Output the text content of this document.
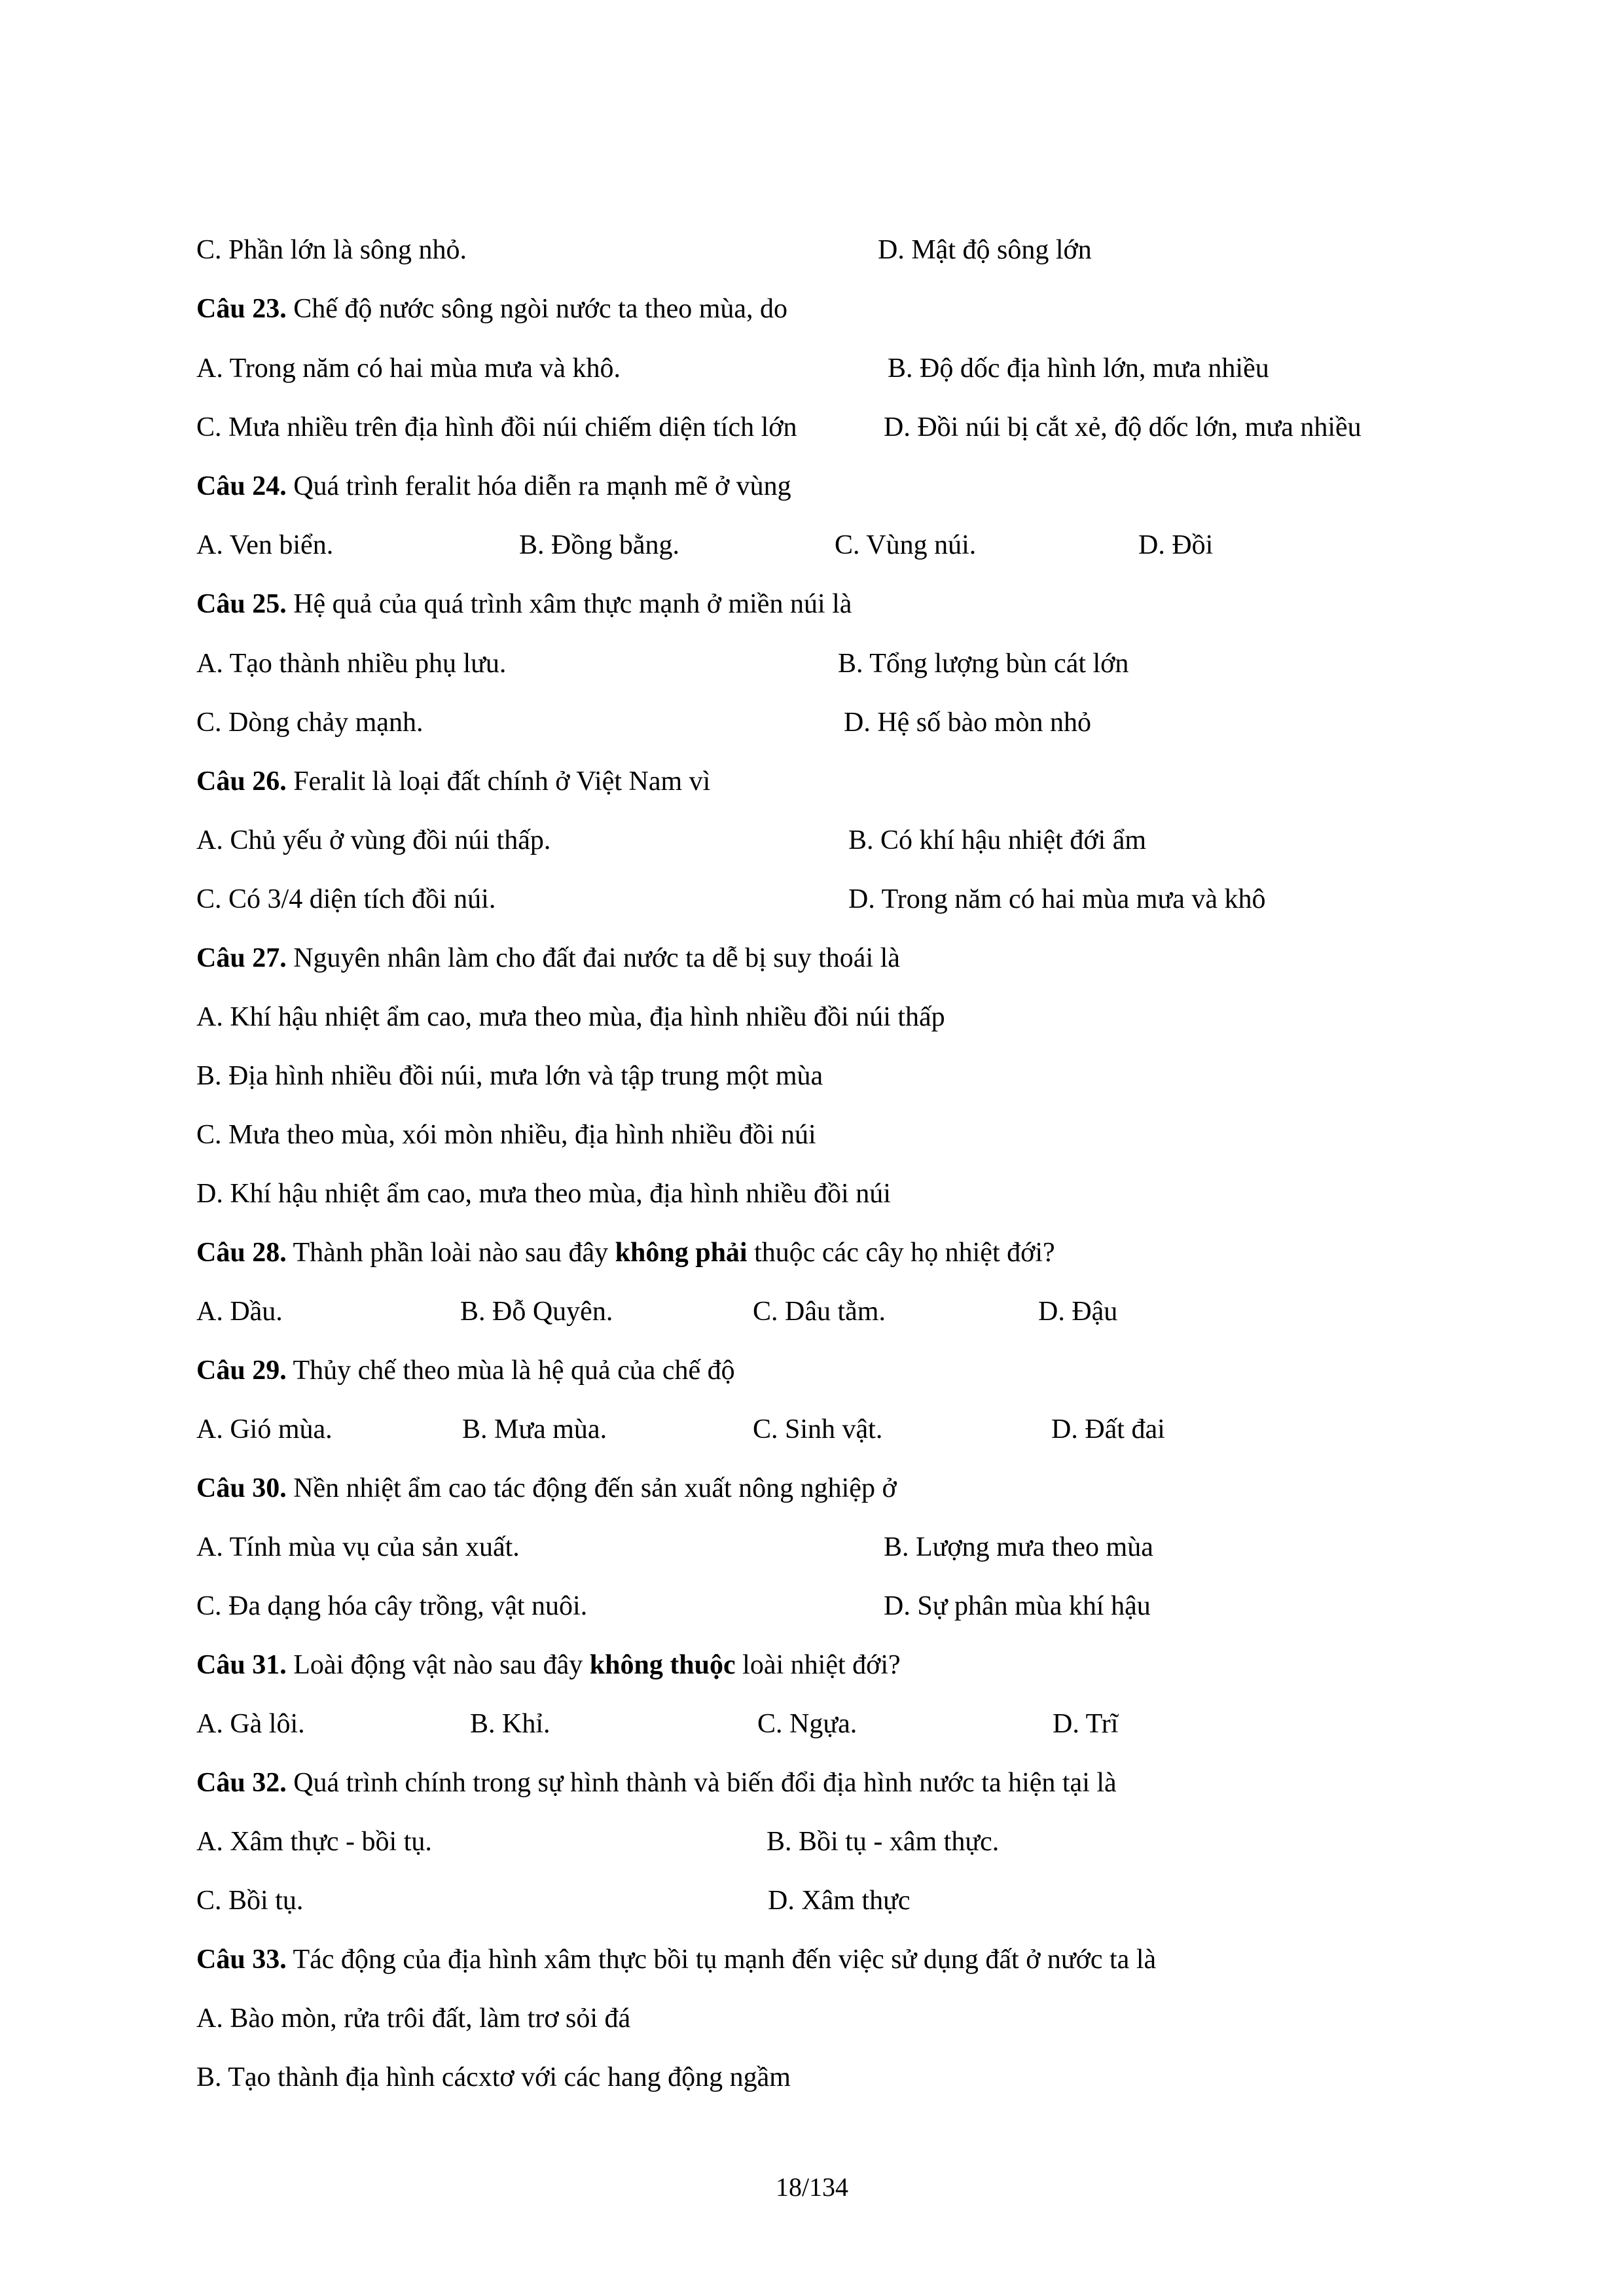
C. Phần lớn là sông nhỏ.	D. Mật độ sông lớn
Câu 23. Chế độ nước sông ngòi nước ta theo mùa, do
A. Trong năm có hai mùa mưa và khô.	B. Độ dốc địa hình lớn, mưa nhiều
C. Mưa nhiều trên địa hình đồi núi chiếm diện tích lớn	D. Đồi núi bị cắt xẻ, độ dốc lớn, mưa nhiều
Câu 24. Quá trình feralit hóa diễn ra mạnh mẽ ở vùng
A. Ven biển.	B. Đồng bằng.	C. Vùng núi.	D. Đồi
Câu 25. Hệ quả của quá trình xâm thực mạnh ở miền núi là
A. Tạo thành nhiều phụ lưu.	B. Tổng lượng bùn cát lớn
C. Dòng chảy mạnh.	D. Hệ số bào mòn nhỏ
Câu 26. Feralit là loại đất chính ở Việt Nam vì
A. Chủ yếu ở vùng đồi núi thấp.	B. Có khí hậu nhiệt đới ẩm
C. Có 3/4 diện tích đồi núi.	D. Trong năm có hai mùa mưa và khô
Câu 27. Nguyên nhân làm cho đất đai nước ta dễ bị suy thoái là
A. Khí hậu nhiệt ẩm cao, mưa theo mùa, địa hình nhiều đồi núi thấp
B. Địa hình nhiều đồi núi, mưa lớn và tập trung một mùa
C. Mưa theo mùa, xói mòn nhiều, địa hình nhiều đồi núi
D. Khí hậu nhiệt ẩm cao, mưa theo mùa, địa hình nhiều đồi núi
Câu 28. Thành phần loài nào sau đây không phải thuộc các cây họ nhiệt đới?
A. Dầu.	B. Đỗ Quyên.	C. Dâu tằm.	D. Đậu
Câu 29. Thủy chế theo mùa là hệ quả của chế độ
A. Gió mùa.	B. Mưa mùa.	C. Sinh vật.	D. Đất đai
Câu 30. Nền nhiệt ẩm cao tác động đến sản xuất nông nghiệp ở
A. Tính mùa vụ của sản xuất.	B. Lượng mưa theo mùa
C. Đa dạng hóa cây trồng, vật nuôi.	D. Sự phân mùa khí hậu
Câu 31. Loài động vật nào sau đây không thuộc loài nhiệt đới?
A. Gà lôi.	B. Khỉ.	C. Ngựa.	D. Trĩ
Câu 32. Quá trình chính trong sự hình thành và biến đổi địa hình nước ta hiện tại là
A. Xâm thực - bồi tụ.	B. Bồi tụ - xâm thực.
C. Bồi tụ.	D. Xâm thực
Câu 33. Tác động của địa hình xâm thực bồi tụ mạnh đến việc sử dụng đất ở nước ta là
A. Bào mòn, rửa trôi đất, làm trơ sỏi đá
B. Tạo thành địa hình cácxtơ với các hang động ngầm
18/134
